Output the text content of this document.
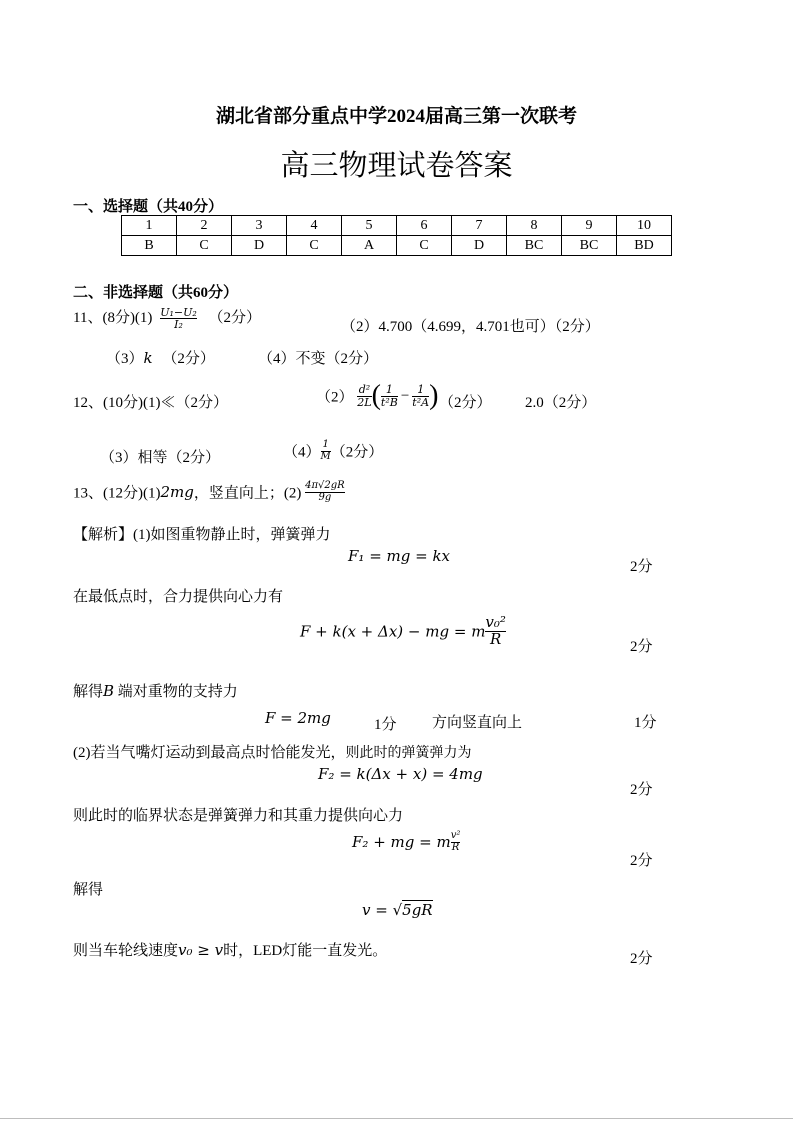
湖北省部分重点中学2024届高三第一次联考
高三物理试卷答案
一、选择题（共40分）
1	2	3	4	5	6	7	8	9	10
B	C	D	C	A	C	D	BC	BC	BD
二、非选择题（共60分）
11、(8分)$(1) \frac{\text{U₁−U₂}}{\text{I₂}} (2$分）
（2）4.700（4.699，4.701也可）（2分）
（3）k （2分）	（4）不变（2分）
12、(10分)(1)≪（2分）	$(2) \frac{\text{d²}}{2L}$ ( $\frac{1}{\text{t²B}} - \frac{1}{\text{t²A}}$ ) （2分） 2.0（2分）
（3）相等（2分）	$(4) \frac{1}{M} (2$分）
13、(12分)(1)2mg，竖直向上；$(2) \frac{4\pi√2gR}{9g}$
【解析】(1)如图重物静止时，弹簧弹力
F₁ = mg = kx
2分
在最低点时，合力提供向心力有
F + k(x + Δx) − mg = m $\frac{\text{v₀²}}{R}$	2分
解得B 端对重物的支持力
F = 2mg	1分 方向竖直向上	1分
(2)若当气嘴灯运动到最高点时恰能发光，则此时的弹簧弹力为
F₂ = k(Δx + x) = 4mg
2分
则此时的临界状态是弹簧弹力和其重力提供向心力
F₂ + mg = m $\frac{\text{v²}}{R}$
2分
解得
v = √5gR
则当车轮线速度v₀ ≥ v时，LED灯能一直发光。	2分
